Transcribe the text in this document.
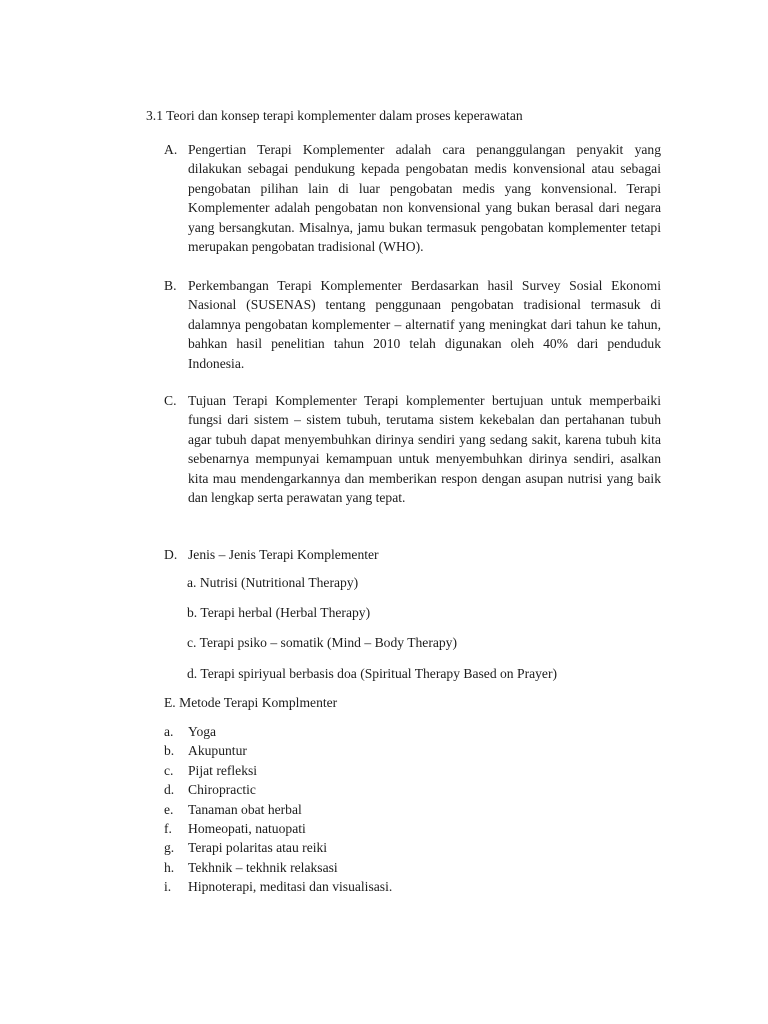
3.1 Teori dan konsep terapi komplementer dalam proses keperawatan
A. Pengertian Terapi Komplementer adalah cara penanggulangan penyakit yang dilakukan sebagai pendukung kepada pengobatan medis konvensional atau sebagai pengobatan pilihan lain di luar pengobatan medis yang konvensional. Terapi Komplementer adalah pengobatan non konvensional yang bukan berasal dari negara yang bersangkutan. Misalnya, jamu bukan termasuk pengobatan komplementer tetapi merupakan pengobatan tradisional (WHO).
B. Perkembangan Terapi Komplementer Berdasarkan hasil Survey Sosial Ekonomi Nasional (SUSENAS) tentang penggunaan pengobatan tradisional termasuk di dalamnya pengobatan komplementer – alternatif yang meningkat dari tahun ke tahun, bahkan hasil penelitian tahun 2010 telah digunakan oleh 40% dari penduduk Indonesia.
C. Tujuan Terapi Komplementer Terapi komplementer bertujuan untuk memperbaiki fungsi dari sistem – sistem tubuh, terutama sistem kekebalan dan pertahanan tubuh agar tubuh dapat menyembuhkan dirinya sendiri yang sedang sakit, karena tubuh kita sebenarnya mempunyai kemampuan untuk menyembuhkan dirinya sendiri, asalkan kita mau mendengarkannya dan memberikan respon dengan asupan nutrisi yang baik dan lengkap serta perawatan yang tepat.
D. Jenis – Jenis Terapi Komplementer
a. Nutrisi (Nutritional Therapy)
b. Terapi herbal (Herbal Therapy)
c. Terapi psiko – somatik (Mind – Body Therapy)
d. Terapi spiriyual berbasis doa (Spiritual Therapy Based on Prayer)
E. Metode Terapi Komplmenter
a. Yoga
b. Akupuntur
c. Pijat refleksi
d. Chiropractic
e. Tanaman obat herbal
f. Homeopati, natuopati
g. Terapi polaritas atau reiki
h. Tekhnik – tekhnik relaksasi
i. Hipnoterapi, meditasi dan visualisasi.
